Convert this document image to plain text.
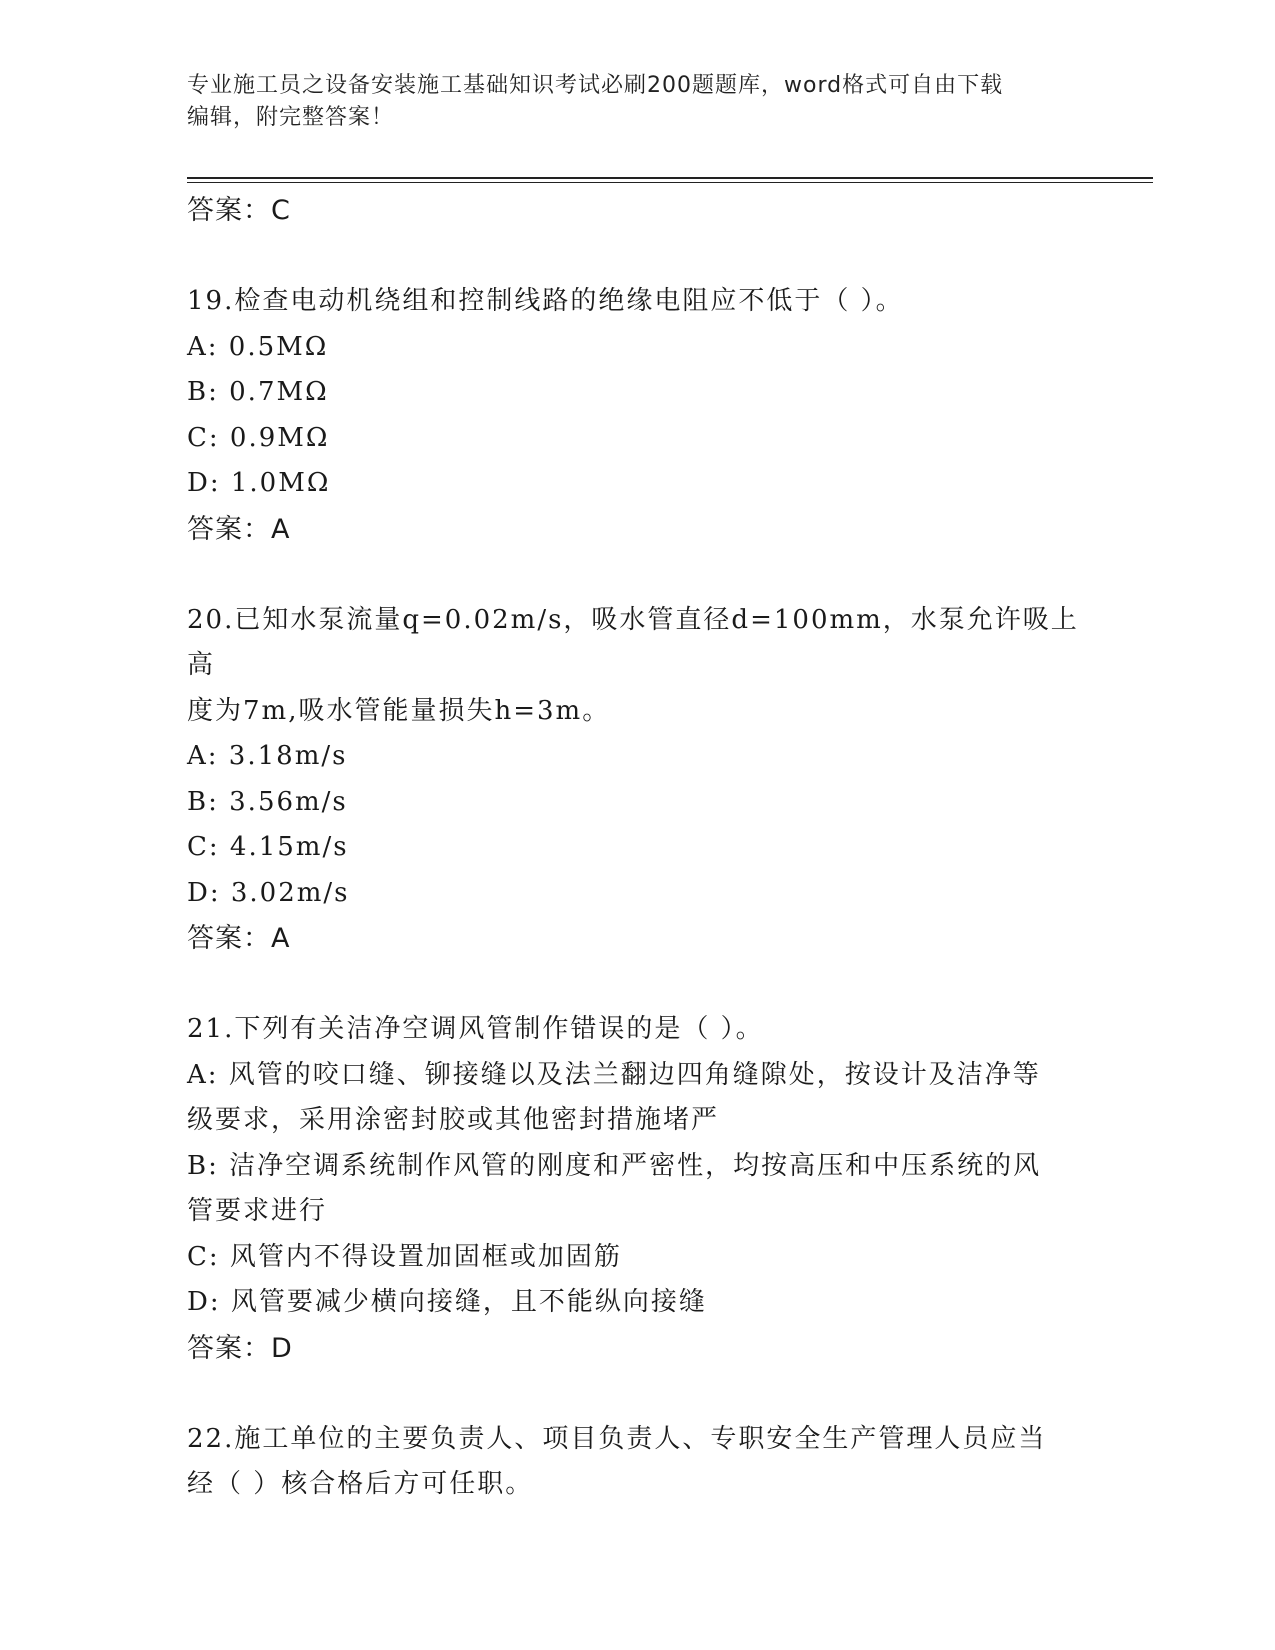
专业施工员之设备安装施工基础知识考试必刷200题题库，word格式可自由下载
编辑，附完整答案！
答案：C
19.检查电动机绕组和控制线路的绝缘电阻应不低于（ ）。
A: 0.5MΩ
B: 0.7MΩ
C: 0.9MΩ
D: 1.0MΩ
答案：A
20.已知水泵流量q=0.02m/s，吸水管直径d=100mm，水泵允许吸上高
度为7m,吸水管能量损失h=3m。
A: 3.18m/s
B: 3.56m/s
C: 4.15m/s
D: 3.02m/s
答案：A
21.下列有关洁净空调风管制作错误的是（ ）。
A: 风管的咬口缝、铆接缝以及法兰翻边四角缝隙处，按设计及洁净等
级要求，采用涂密封胶或其他密封措施堵严
B: 洁净空调系统制作风管的刚度和严密性，均按高压和中压系统的风
管要求进行
C: 风管内不得设置加固框或加固筋
D: 风管要减少横向接缝，且不能纵向接缝
答案：D
22.施工单位的主要负责人、项目负责人、专职安全生产管理人员应当
经（ ）核合格后方可任职。
